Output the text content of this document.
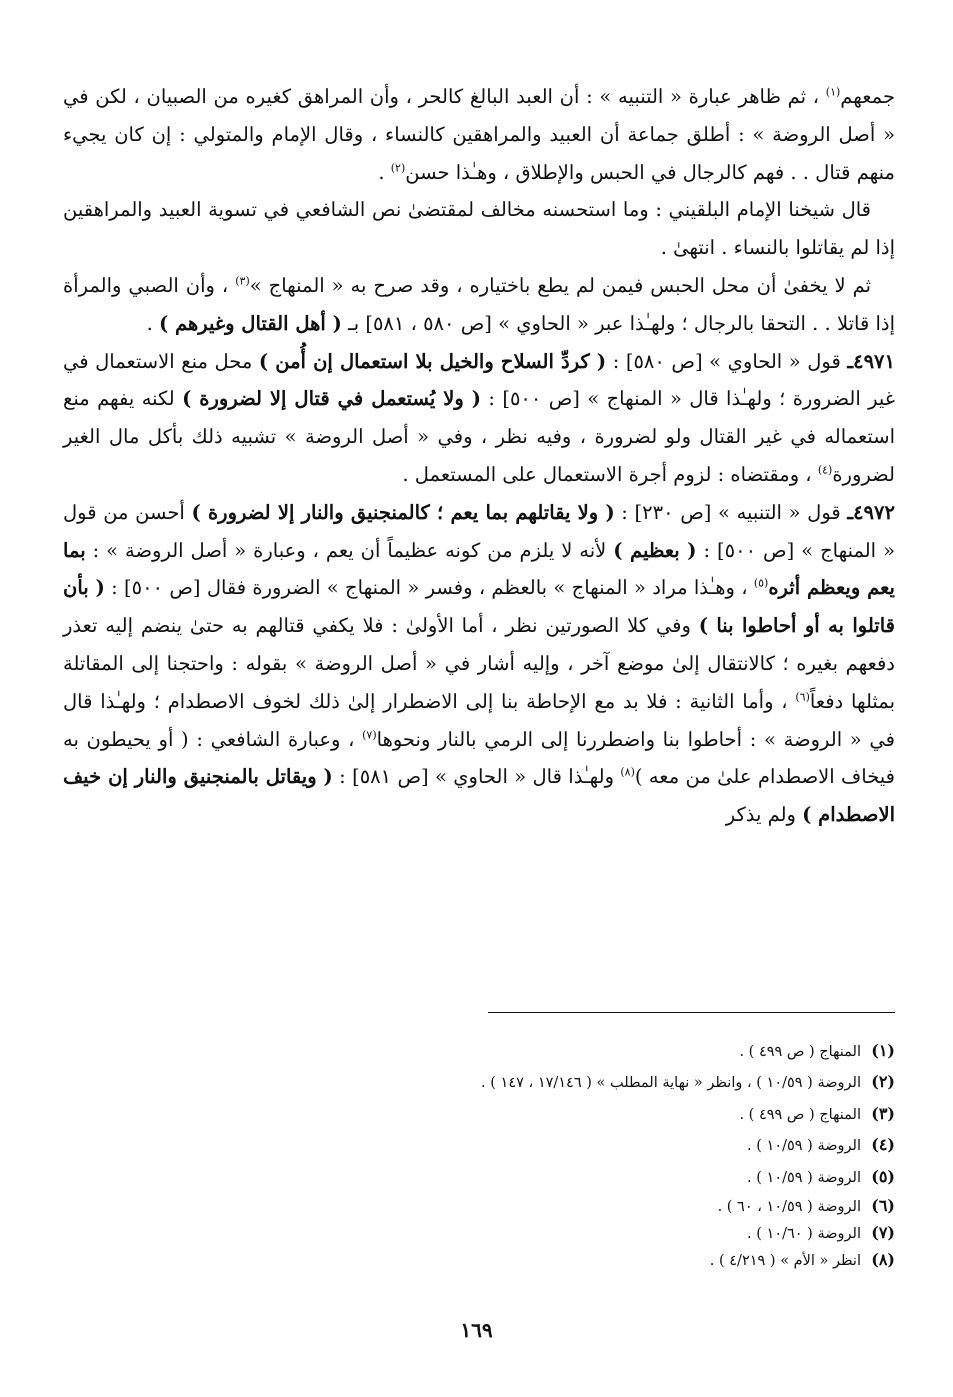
جمعهم$^{(١)}$ ، ثم ظاهر عبارة « التنبيه » : أن العبد البالغ كالحر ، وأن المراهق كغيره من الصبيان ، لكن في « أصل الروضة » : أطلق جماعة أن العبيد والمراهقين كالنساء ، وقال الإمام والمتولي : إن كان يجيء منهم قتال . . فهم كالرجال في الحبس والإطلاق ، وهـٰذا حسن$^{(٢)}$ .

قال شيخنا الإمام البلقيني : وما استحسنه مخالف لمقتضىٰ نص الشافعي في تسوية العبيد والمراهقين إذا لم يقاتلوا بالنساء . انتهىٰ .

ثم لا يخفىٰ أن محل الحبس فيمن لم يطع باختياره ، وقد صرح به « المنهاج »$^{(٣)}$ ، وأن الصبي والمرأة إذا قاتلا . . التحقا بالرجال ؛ ولهـٰذا عبر « الحاوي » [ص ٥٨٠ ، ٥٨١] بـ ( أهل القتال وغيرهم ) .

٤٩٧١ـ قول « الحاوي » [ص ٥٨٠] : ( كردِّ السلاح والخيل بلا استعمال إن أُمن ) محل منع الاستعمال في غير الضرورة ؛ ولهـٰذا قال « المنهاج » [ص ٥٠٠] : ( ولا يُستعمل في قتال إلا لضرورة ) لكنه يفهم منع استعماله في غير القتال ولو لضرورة ، وفيه نظر ، وفي « أصل الروضة » تشبيه ذلك بأكل مال الغير لضرورة$^{(٤)}$ ، ومقتضاه : لزوم أجرة الاستعمال على المستعمل .

٤٩٧٢ـ قول « التنبيه » [ص ٢٣٠] : ( ولا يقاتلهم بما يعم ؛ كالمنجنيق والنار إلا لضرورة ) أحسن من قول « المنهاج » [ص ٥٠٠] : ( بعظيم ) لأنه لا يلزم من كونه عظيماً أن يعم ، وعبارة « أصل الروضة » : بما يعم ويعظم أثره$^{(٥)}$ ، وهـٰذا مراد « المنهاج » بالعظم ، وفسر « المنهاج » الضرورة فقال [ص ٥٠٠] : ( بأن قاتلوا به أو أحاطوا بنا ) وفي كلا الصورتين نظر ، أما الأولىٰ : فلا يكفي قتالهم به حتىٰ ينضم إليه تعذر دفعهم بغيره ؛ كالانتقال إلىٰ موضع آخر ، وإليه أشار في « أصل الروضة » بقوله : واحتجنا إلى المقاتلة بمثلها دفعاً$^{(٦)}$ ، وأما الثانية : فلا بد مع الإحاطة بنا إلى الاضطرار إلىٰ ذلك لخوف الاصطدام ؛ ولهـٰذا قال في « الروضة » : أحاطوا بنا واضطررنا إلى الرمي بالنار ونحوها$^{(٧)}$ ، وعبارة الشافعي : ( أو يحيطون به فيخاف الاصطدام علىٰ من معه )$^{(٨)}$ ولهـٰذا قال « الحاوي » [ص ٥٨١] : ( ويقاتل بالمنجنيق والنار إن خيف الاصطدام ) ولم يذكر

(١)المنهاج ( ص ٤٩٩ ) .
(٢)الروضة ( ١٠/٥٩ ) ، وانظر « نهاية المطلب » ( ١٧/١٤٦ ، ١٤٧ ) .
(٣)المنهاج ( ص ٤٩٩ ) .
(٤)الروضة ( ١٠/٥٩ ) .
(٥)الروضة ( ١٠/٥٩ ) .
(٦)الروضة ( ١٠/٥٩ ، ٦٠ ) .
(٧)الروضة ( ١٠/٦٠ ) .
(٨)انظر « الأم » ( ٤/٢١٩ ) .
١٦٩
